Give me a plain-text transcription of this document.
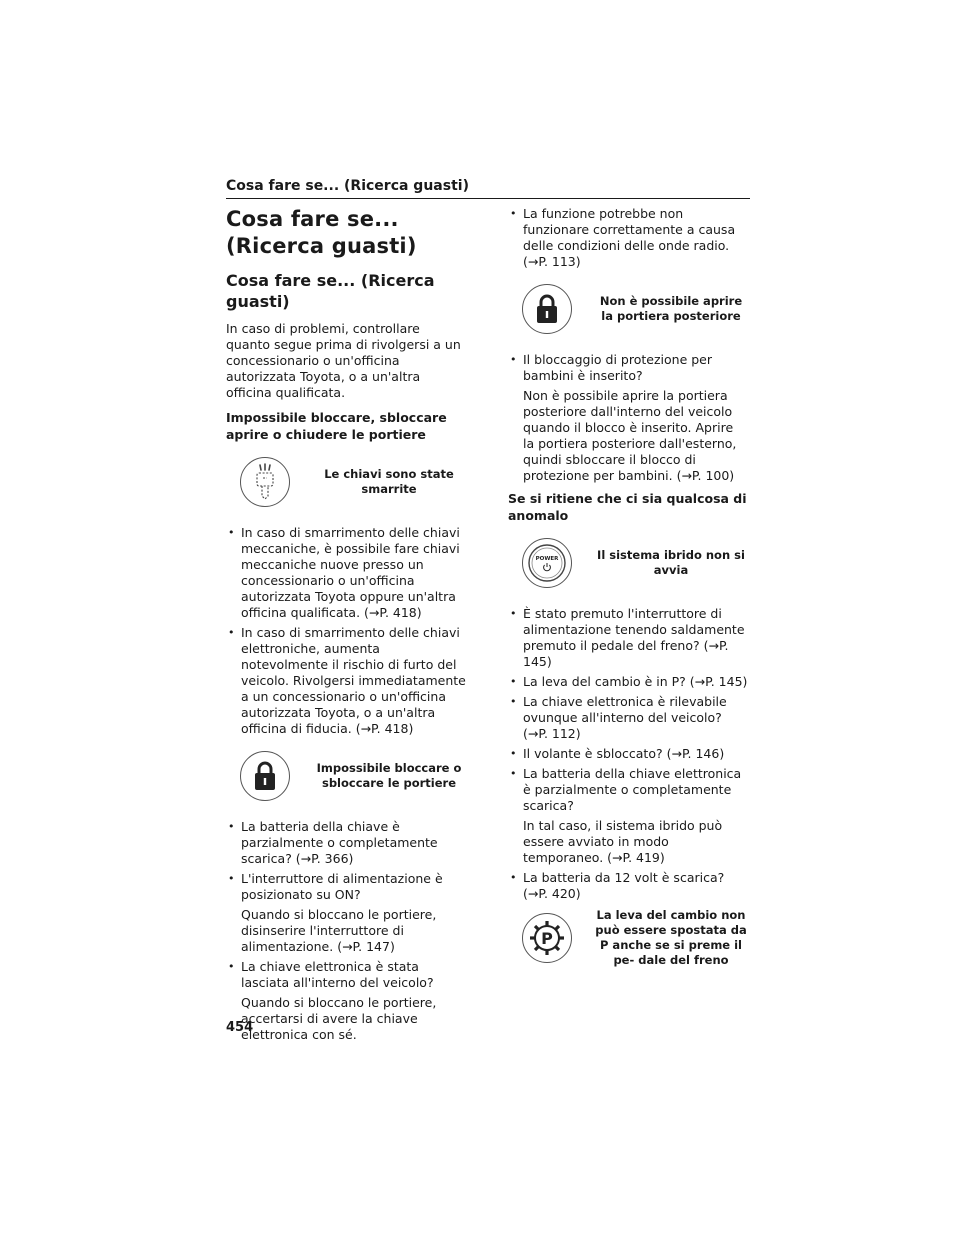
Cosa fare se... (Ricerca guasti)
Cosa fare se... (Ricerca guasti)
Cosa fare se... (Ricerca guasti)

In caso di problemi, controllare quanto segue prima di rivolgersi a un concessionario o un'officina autorizzata Toyota, o a un'altra officina qualificata.

Impossibile bloccare, sbloccare aprire o chiudere le portiere
Le chiavi sono state smarrite
• In caso di smarrimento delle chiavi meccaniche, è possibile fare chiavi meccaniche nuove presso un concessionario o un'officina autorizzata Toyota oppure un'altra officina qualificata. (→P. 418)
• In caso di smarrimento delle chiavi elettroniche, aumenta notevolmente il rischio di furto del veicolo. Rivolgersi immediatamente a un concessionario o un'officina autorizzata Toyota, o a un'altra officina di fiducia. (→P. 418)
Impossibile bloccare o sbloccare le portiere
• La batteria della chiave è parzialmente o completamente scarica? (→P. 366)
• L'interruttore di alimentazione è posizionato su ON?
Quando si bloccano le portiere, disinserire l'interruttore di alimentazione. (→P. 147)
• La chiave elettronica è stata lasciata all'interno del veicolo?
Quando si bloccano le portiere, accertarsi di avere la chiave elettronica con sé.
• La funzione potrebbe non funzionare correttamente a causa delle condizioni delle onde radio. (→P. 113)
Non è possibile aprire la portiera posteriore
• Il bloccaggio di protezione per bambini è inserito?
Non è possibile aprire la portiera posteriore dall'interno del veicolo quando il blocco è inserito. Aprire la portiera posteriore dall'esterno, quindi sbloccare il blocco di protezione per bambini. (→P. 100)
Se si ritiene che ci sia qualcosa di anomalo
POWER	Il sistema ibrido non si avvia
• È stato premuto l'interruttore di alimentazione tenendo saldamente premuto il pedale del freno? (→P. 145)
• La leva del cambio è in P? (→P. 145)
• La chiave elettronica è rilevabile ovunque all'interno del veicolo? (→P. 112)
• Il volante è sbloccato? (→P. 146)
• La batteria della chiave elettronica è parzialmente o completamente scarica?
In tal caso, il sistema ibrido può essere avviato in modo temporaneo. (→P. 419)
• La batteria da 12 volt è scarica? (→P. 420)
P
La leva del cambio non può essere spostata da P anche se si preme il pe- dale del freno
454
